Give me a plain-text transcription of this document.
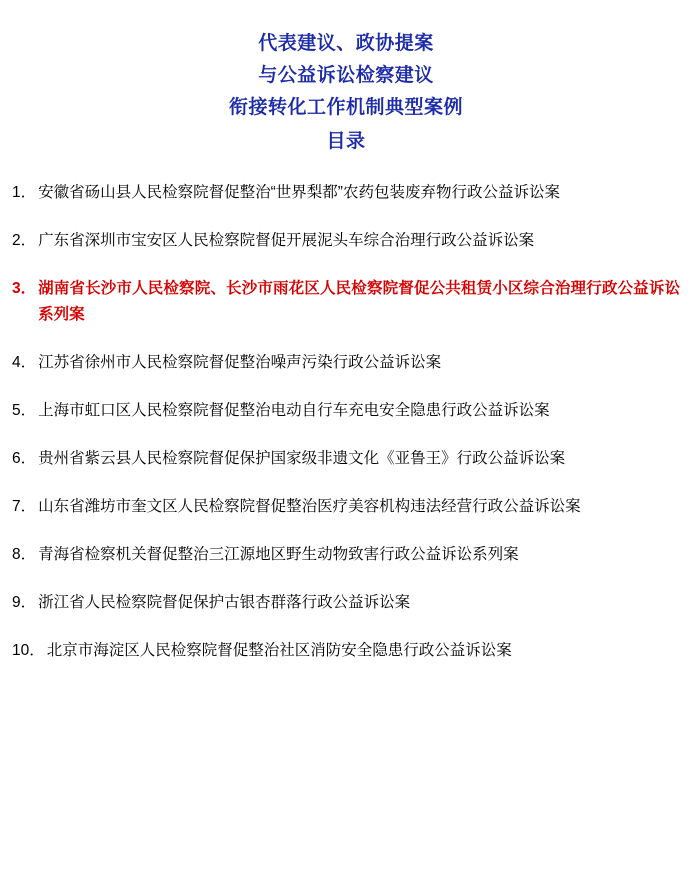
代表建议、政协提案
与公益诉讼检察建议
衔接转化工作机制典型案例
目录
1． 安徽省砀山县人民检察院督促整治“世界梨都”农药包装废弃物行政公益诉讼案
2． 广东省深圳市宝安区人民检察院督促开展泥头车综合治理行政公益诉讼案
3． 湖南省长沙市人民检察院、长沙市雨花区人民检察院督促公共租赁小区综合治理行政公益诉讼系列案
4． 江苏省徐州市人民检察院督促整治噪声污染行政公益诉讼案
5． 上海市虹口区人民检察院督促整治电动自行车充电安全隐患行政公益诉讼案
6． 贵州省紫云县人民检察院督促保护国家级非遗文化《亚鲁王》行政公益诉讼案
7． 山东省潍坊市奎文区人民检察院督促整治医疗美容机构违法经营行政公益诉讼案
8． 青海省检察机关督促整治三江源地区野生动物致害行政公益诉讼系列案
9． 浙江省人民检察院督促保护古银杏群落行政公益诉讼案
10． 北京市海淀区人民检察院督促整治社区消防安全隐患行政公益诉讼案
